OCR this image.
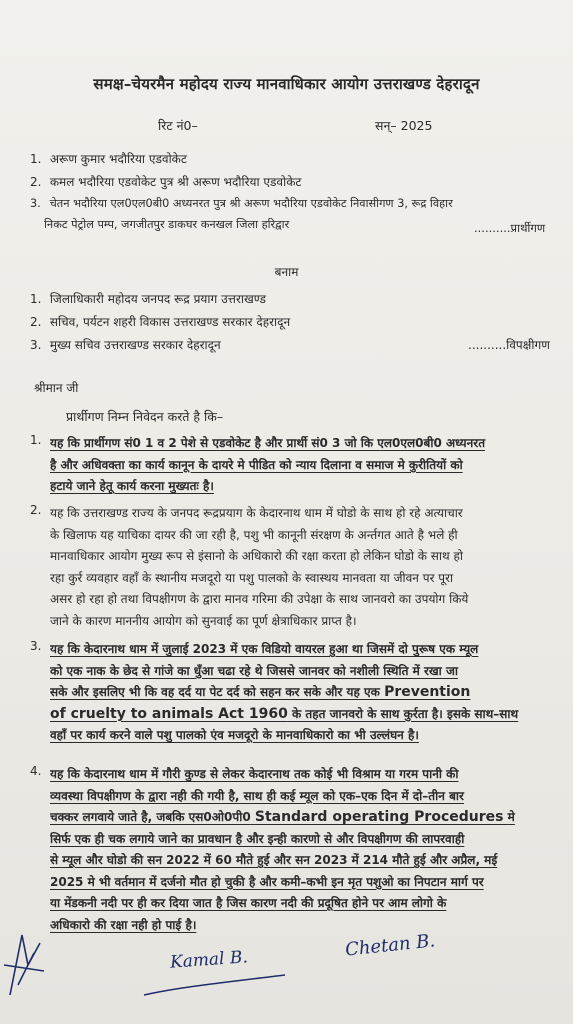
समक्ष–चेयरमैन महोदय राज्य मानवाधिकार आयोग उत्तराखण्ड देहरादून
रिट नं0–	सन्– 2025
1. अरूण कुमार भदौरिया एडवोकेट
2. कमल भदौरिया एडवोकेट पुत्र श्री अरूण भदौरिया एडवोकेट
3. चेतन भदौरिया एल0एल0बी0 अध्यनरत पुत्र श्री अरूण भदौरिया एडवोकेट निवासीगण 3, रूद्र विहार
निकट पेट्रोल पम्प, जगजीतपुर डाकघर कनखल जिला हरिद्वार	..........प्रार्थीगण
बनाम
1. जिलाधिकारी महोदय जनपद रूद्र प्रयाग उत्तराखण्ड
2. सचिव, पर्यटन शहरी विकास उत्तराखण्ड सरकार देहरादून
3. मुख्य सचिव उत्तराखण्ड सरकार देहरादून	..........विपक्षीगण
श्रीमान जी
प्रार्थीगण निम्न निवेदन करते है कि–
1. यह कि प्रार्थीगण सं0 1 व 2 पेशे से एडवोकेट है और प्रार्थी सं0 3 जो कि एल0एल0बी0 अध्यनरत
है और अधिवक्ता का कार्य कानून के दायरे मे पीडित को न्याय दिलाना व समाज मे कुरीतियों को
हटाये जाने हेतू कार्य करना मुख्यतः है।
2. यह कि उत्तराखण्ड राज्य के जनपद रूद्रप्रयाग के केदारनाथ धाम में घोडो के साथ हो रहे अत्याचार
के खिलाफ यह याचिका दायर की जा रही है, पशु भी कानूनी संरक्षण के अर्न्तगत आते है भले ही
मानवाधिकार आयोग मुख्य रूप से इंसानो के अधिकारो की रक्षा करता हो लेकिन घोडो के साथ हो
रहा कुर्र व्यवहार वहाँ के स्थानीय मजदूरो या पशु पालको के स्वास्थय मानवता या जीवन पर पूरा
असर हो रहा हो तथा विपक्षीगण के द्वारा मानव गरिमा की उपेक्षा के साथ जानवरो का उपयोग किये
जाने के कारण माननीय आयोग को सुनवाई का पूर्ण क्षेत्राधिकार प्राप्त है।
3. यह कि केदारनाथ धाम में जुलाई 2023 में एक विडियो वायरल हुआ था जिसमें दो पुरूष एक म्यूल
को एक नाक के छेद से गांजे का धुँआ चढा रहे थे जिससे जानवर को नशीली स्थिति में रखा जा
सके और इसलिए भी कि वह दर्द या पेट दर्द को सहन कर सके और यह एक Prevention
of cruelty to animals Act 1960 के तहत जानवरो के साथ कुर्रता है। इसके साथ–साथ
वहाँ पर कार्य करने वाले पशु पालको एंव मजदूरो के मानवाधिकारो का भी उल्लंघन है।
4. यह कि केदारनाथ धाम में गौरी कुण्ड से लेकर केदारनाथ तक कोई भी विश्राम या गरम पानी की
व्यवस्था विपक्षीगण के द्वारा नही की गयी है, साथ ही कई म्यूल को एक–एक दिन में दो–तीन बार
चक्कर लगवाये जाते है, जबकि एस0ओ0पी0 Standard operating Procedures मे
सिर्फ एक ही चक लगाये जाने का प्रावधान है और इन्ही कारणो से और विपक्षीगण की लापरवाही
से म्यूल और घोडो की सन 2022 में 60 मौते हुई और सन 2023 में 214 मौते हुई और अप्रैल, मई
2025 मे भी वर्तमान में दर्जनो मौत हो चुकी है और कमी–कभी इन मृत पशुओ का निपटान मार्ग पर
या मेंडकनी नदी पर ही कर दिया जात है जिस कारण नदी की प्रदूषित होने पर आम लोगो के
अधिकारो की रक्षा नही हो पाई है।
Kamal B.	Chetan B.
